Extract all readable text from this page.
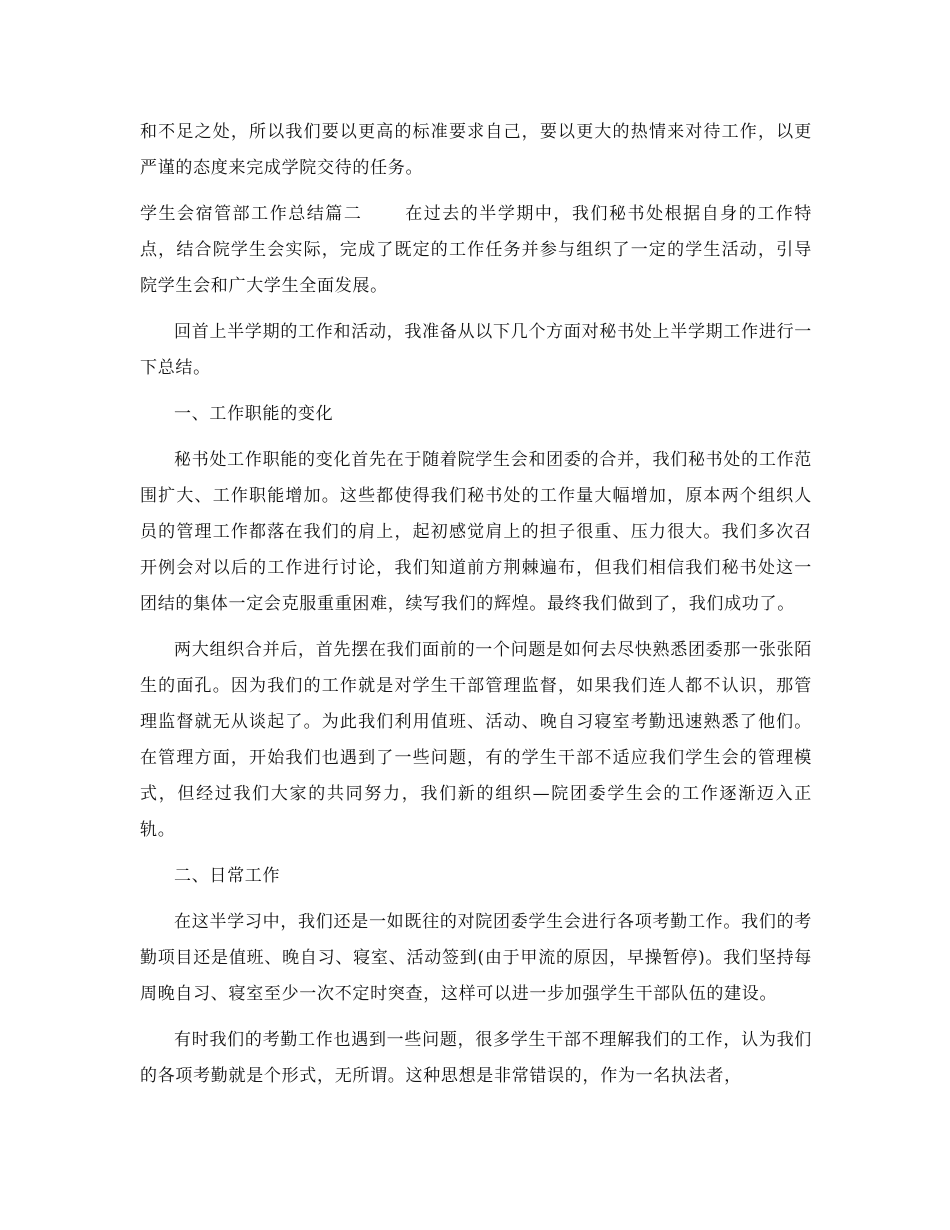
和不足之处，所以我们要以更高的标准要求自己，要以更大的热情来对待工作，以更严谨的态度来完成学院交待的任务。

学生会宿管部工作总结篇二 在过去的半学期中，我们秘书处根据自身的工作特点，结合院学生会实际，完成了既定的工作任务并参与组织了一定的学生活动，引导院学生会和广大学生全面发展。

回首上半学期的工作和活动，我准备从以下几个方面对秘书处上半学期工作进行一下总结。

一、工作职能的变化

秘书处工作职能的变化首先在于随着院学生会和团委的合并，我们秘书处的工作范围扩大、工作职能增加。这些都使得我们秘书处的工作量大幅增加，原本两个组织人员的管理工作都落在我们的肩上，起初感觉肩上的担子很重、压力很大。我们多次召开例会对以后的工作进行讨论，我们知道前方荆棘遍布，但我们相信我们秘书处这一团结的集体一定会克服重重困难，续写我们的辉煌。最终我们做到了，我们成功了。

两大组织合并后，首先摆在我们面前的一个问题是如何去尽快熟悉团委那一张张陌生的面孔。因为我们的工作就是对学生干部管理监督，如果我们连人都不认识，那管理监督就无从谈起了。为此我们利用值班、活动、晚自习寝室考勤迅速熟悉了他们。在管理方面，开始我们也遇到了一些问题，有的学生干部不适应我们学生会的管理模式，但经过我们大家的共同努力，我们新的组织—院团委学生会的工作逐渐迈入正轨。

二、日常工作

在这半学习中，我们还是一如既往的对院团委学生会进行各项考勤工作。我们的考勤项目还是值班、晚自习、寝室、活动签到(由于甲流的原因，早操暂停)。我们坚持每周晚自习、寝室至少一次不定时突查，这样可以进一步加强学生干部队伍的建设。

有时我们的考勤工作也遇到一些问题，很多学生干部不理解我们的工作，认为我们的各项考勤就是个形式，无所谓。这种思想是非常错误的，作为一名执法者，
